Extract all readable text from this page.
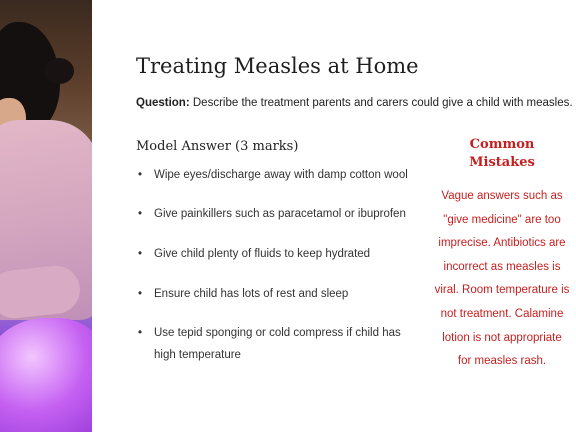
Treating Measles at Home
Question: Describe the treatment parents and carers could give a child with measles.
Model Answer (3 marks)
• Wipe eyes/discharge away with damp cotton wool
• Give painkillers such as paracetamol or ibuprofen
• Give child plenty of fluids to keep hydrated
• Ensure child has lots of rest and sleep
• Use tepid sponging or cold compress if child has high temperature
Common Mistakes
Vague answers such as "give medicine" are too imprecise. Antibiotics are incorrect as measles is viral. Room temperature is not treatment. Calamine lotion is not appropriate for measles rash.
